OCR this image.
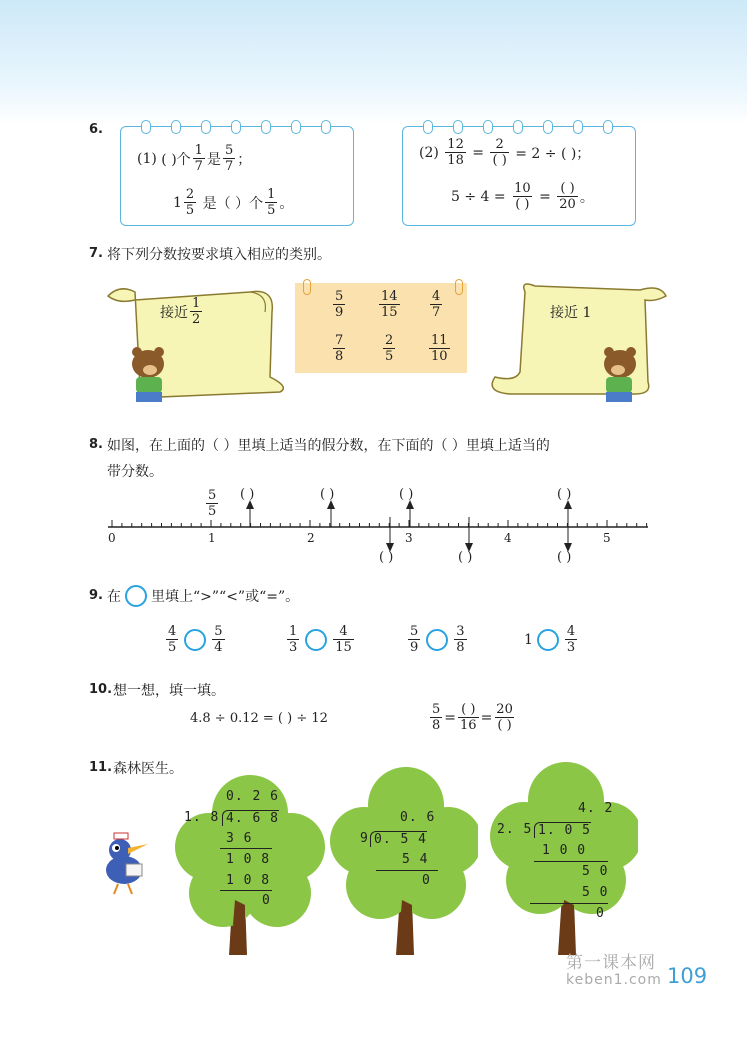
6.
(1)
( )个 $\frac{1}{7}$ 是 $\frac{5}{7}$ ；
$1 \frac{2}{5}$
是（ ）个 $\frac{1}{5}$ 。
(2)
$\frac{12}{18}$
=
$\frac{2}{( )}$
= 2 ÷ ( )；
5 ÷ 4 =
$\frac{10}{( )}$
=
$\frac{( )}{20}$ 。
7. 将下列分数按要求填入相应的类别。
接近 $\frac{1}{2}$	接近 1
$\frac{5}{9}$	$\frac{14}{15} \frac{4}{7}$
$\frac{7}{8}$	$\frac{2}{5}$	$\frac{11}{10}$
8. 如图，在上面的（ ）里填上适当的假分数，在下面的（ ）里填上适当的
带分数。
$\frac{5}{5}$
0	1	2	3	4	5
( )	( )	( )	( )
( )	( )	( )
9. 在 里填上“>”“<”或“=”。
$\frac{4}{5}$	$\frac{5}{4}$	$\frac{1}{3}$	$\frac{4}{15}$	$\frac{5}{9}$	$\frac{3}{8}$	$1 \frac{4}{3}$
10. 想一想，填一填。
4.8 ÷ 0.12 = ( ) ÷ 12	$\frac{5}{8} = \frac{( )}{16} = \frac{20}{( )}$
11. 森林医生。
0. 2 6
1. 8 4. 6 8
3 6
1 0 8
1 0 8
0
0. 6
9 0. 5 4
5 4
0
4. 2
2. 5 1. 0 5
1 0 0
5 0
5 0
0
第一课本网
keben1.com 109
